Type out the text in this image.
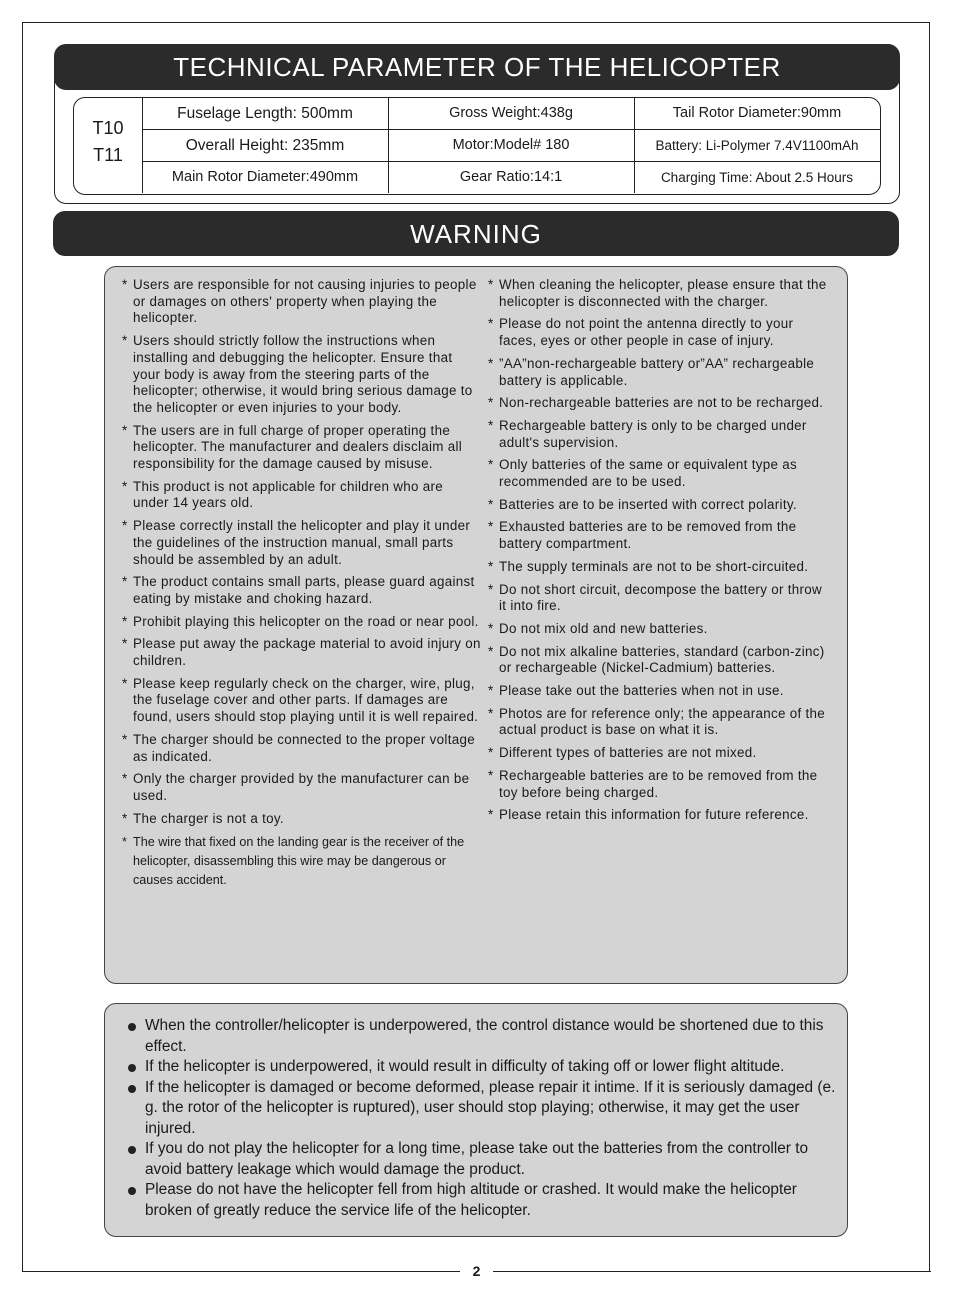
2
TECHNICAL PARAMETER OF THE HELICOPTER
T10
T11
Fuselage Length: 500mm
Overall Height: 235mm
Main Rotor Diameter:490mm
Gross Weight:438g
Motor:Model# 180
Gear Ratio:14:1
Tail Rotor Diameter:90mm
Battery: Li-Polymer 7.4V1100mAh
Charging Time: About 2.5 Hours
WARNING
* Users are responsible for not causing injuries to people or damages on others' property when playing the helicopter.
* Users should strictly follow the instructions when installing and debugging the helicopter. Ensure that your body is away from the steering parts of the helicopter; otherwise, it would bring serious damage to the helicopter or even injuries to your body.
* The users are in full charge of proper operating the helicopter. The manufacturer and dealers disclaim all responsibility for the damage caused by misuse.
* This product is not applicable for children who are under 14 years old.
* Please correctly install the helicopter and play it under the guidelines of the instruction manual, small parts should be assembled by an adult.
* The product contains small parts, please guard against eating by mistake and choking hazard.
* Prohibit playing this helicopter on the road or near pool.
* Please put away the package material to avoid injury on children.
* Please keep regularly check on the charger, wire, plug, the fuselage cover and other parts. If damages are found, users should stop playing until it is well repaired.
* The charger should be connected to the proper voltage as indicated.
* Only the charger provided by the manufacturer can be used.
* The charger is not a toy.
* The wire that fixed on the landing gear is the receiver of the helicopter, disassembling this wire may be dangerous or causes accident.
* When cleaning the helicopter, please ensure that the helicopter is disconnected with the charger.
* Please do not point the antenna directly to your faces, eyes or other people in case of injury.
* ”AA”non-rechargeable battery or”AA” rechargeable battery is applicable.
* Non-rechargeable batteries are not to be recharged.
* Rechargeable battery is only to be charged under adult's supervision.
* Only batteries of the same or equivalent type as recommended are to be used.
* Batteries are to be inserted with correct polarity.
* Exhausted batteries are to be removed from the battery compartment.
* The supply terminals are not to be short-circuited.
* Do not short circuit, decompose the battery or throw it into fire.
* Do not mix old and new batteries.
* Do not mix alkaline batteries, standard (carbon-zinc) or rechargeable (Nickel-Cadmium) batteries.
* Please take out the batteries when not in use.
* Photos are for reference only; the appearance of the actual product is base on what it is.
* Different types of batteries are not mixed.
* Rechargeable batteries are to be removed from the toy before being charged.
* Please retain this information for future reference.
When the controller/helicopter is underpowered, the control distance would be shortened due to this effect.
If the helicopter is underpowered, it would result in difficulty of taking off or lower flight altitude.
If the helicopter is damaged or become deformed, please repair it intime. If it is seriously damaged (e. g. the rotor of the helicopter is ruptured), user should stop playing; otherwise, it may get the user injured.
If you do not play the helicopter for a long time, please take out the batteries from the controller to avoid battery leakage which would damage the product.
Please do not have the helicopter fell from high altitude or crashed. It would make the helicopter broken of greatly reduce the service life of the helicopter.
